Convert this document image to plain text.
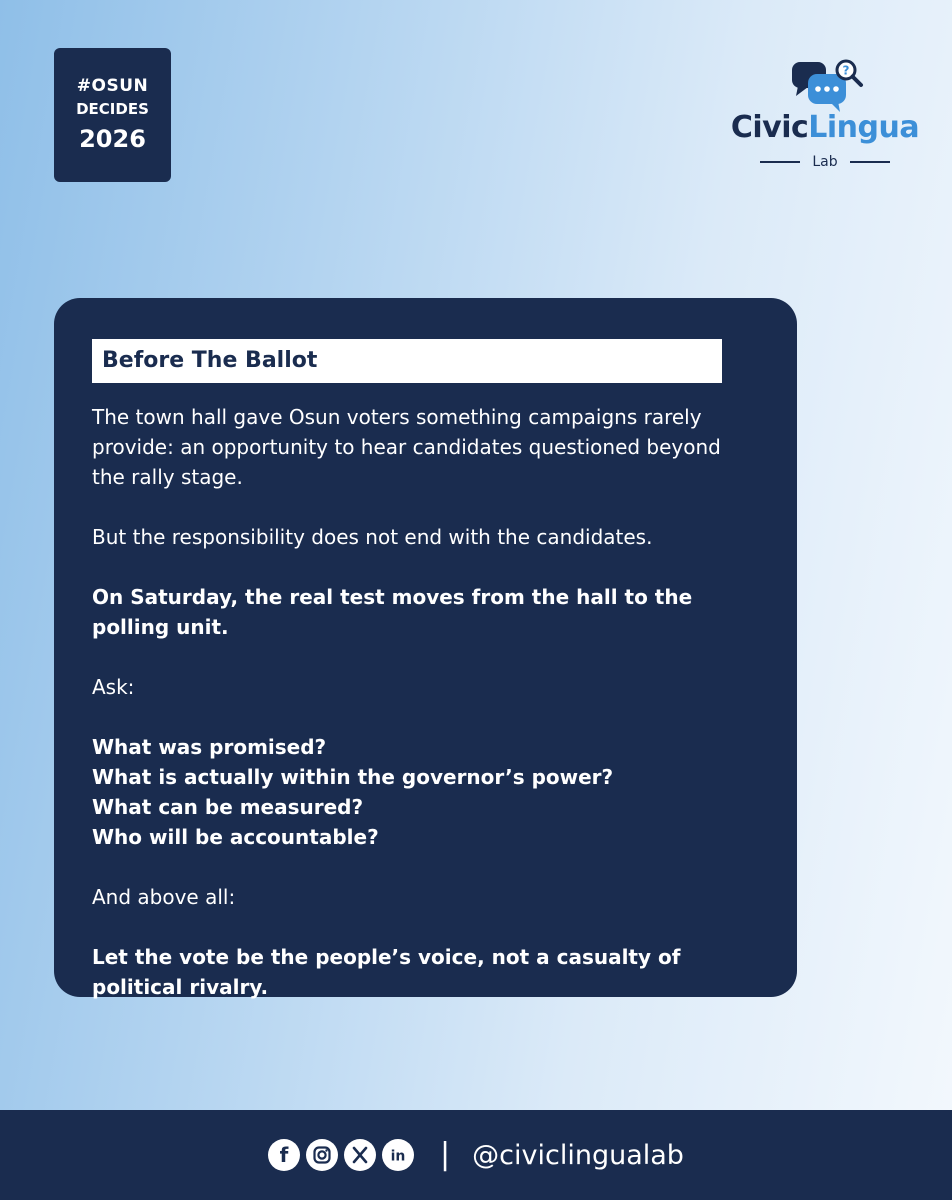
#OSUN
DECIDES
2026
?
CivicLingua
Lab
Before The Ballot

The town hall gave Osun voters something campaigns rarely provide: an opportunity to hear candidates questioned beyond the rally stage.

But the responsibility does not end with the candidates.

On Saturday, the real test moves from the hall to the polling unit.

Ask:

What was promised?
What is actually within the governor’s power?
What can be measured?
Who will be accountable?

And above all:

Let the vote be the people’s voice, not a casualty of political rivalry.

f	in | @civiclingualab
